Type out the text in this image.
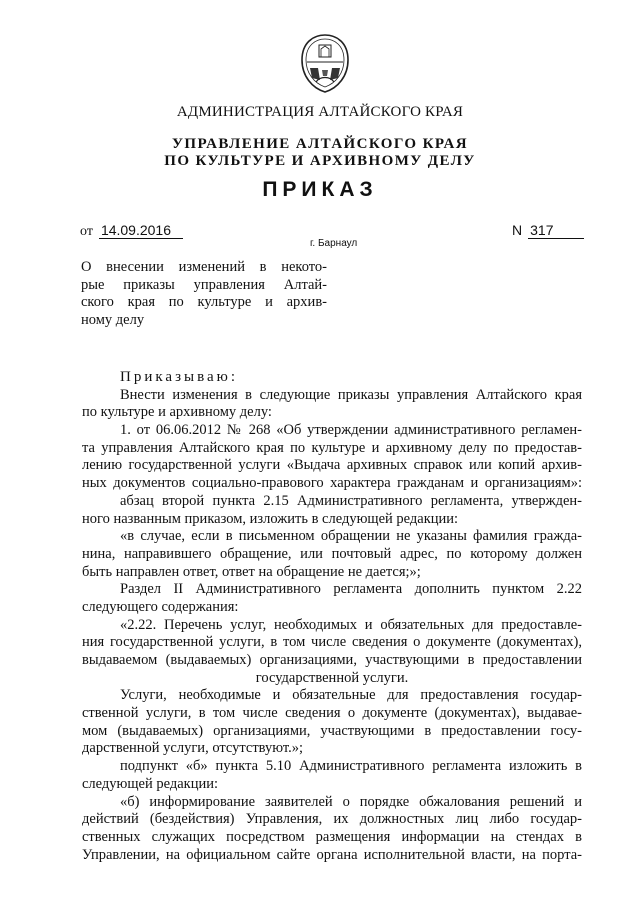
АДМИНИСТРАЦИЯ АЛТАЙСКОГО КРАЯ
УПРАВЛЕНИЕ АЛТАЙСКОГО КРАЯ
ПО КУЛЬТУРЕ И АРХИВНОМУ ДЕЛУ
ПРИКАЗ
от 14.09.2016	N 317
г. Барнаул
О внесении изменений в некото-
рые приказы управления Алтай-
ского края по культуре и архив-
ному делу
Приказываю:
Внести изменения в следующие приказы управления Алтайского края
по культуре и архивному делу:
1. от 06.06.2012 № 268 «Об утверждении административного регламен-
та управления Алтайского края по культуре и архивному делу по предостав-
лению государственной услуги «Выдача архивных справок или копий архив-
ных документов социально-правового характера гражданам и организациям»:
абзац второй пункта 2.15 Административного регламента, утвержден-
ного названным приказом, изложить в следующей редакции:
«в случае, если в письменном обращении не указаны фамилия гражда-
нина, направившего обращение, или почтовый адрес, по которому должен
быть направлен ответ, ответ на обращение не дается;»;
Раздел II Административного регламента дополнить пунктом 2.22
следующего содержания:
«2.22. Перечень услуг, необходимых и обязательных для предоставле-
ния государственной услуги, в том числе сведения о документе (документах),
выдаваемом (выдаваемых) организациями, участвующими в предоставлении
государственной услуги.
Услуги, необходимые и обязательные для предоставления государ-
ственной услуги, в том числе сведения о документе (документах), выдавае-
мом (выдаваемых) организациями, участвующими в предоставлении госу-
дарственной услуги, отсутствуют.»;
подпункт «б» пункта 5.10 Административного регламента изложить в
следующей редакции:
«б) информирование заявителей о порядке обжалования решений и
действий (бездействия) Управления, их должностных лиц либо государ-
ственных служащих посредством размещения информации на стендах в
Управлении, на официальном сайте органа исполнительной власти, на порта-
